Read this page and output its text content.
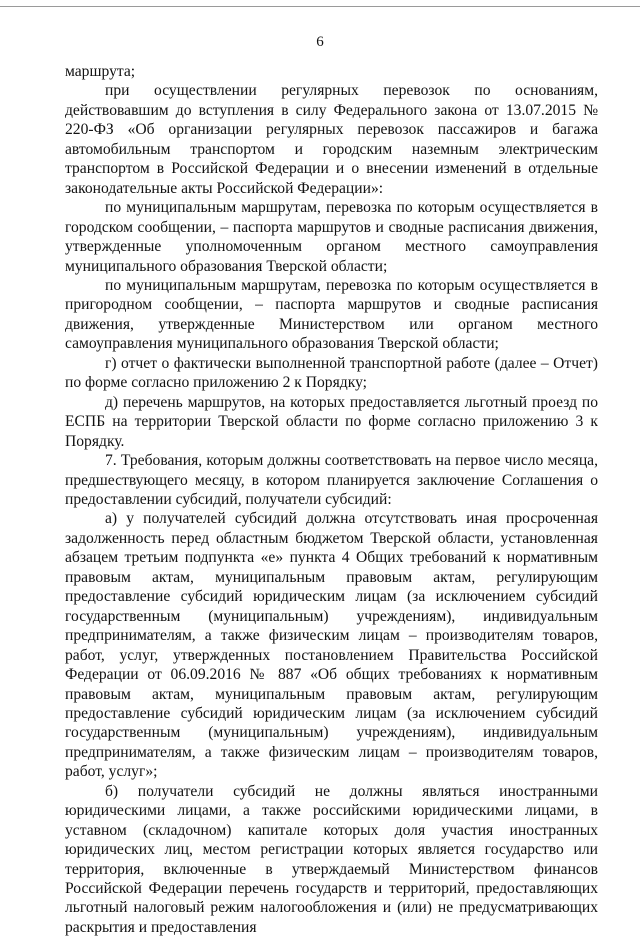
6

маршрута;

при осуществлении регулярных перевозок по основаниям, действовавшим до вступления в силу Федерального закона от 13.07.2015 № 220-ФЗ «Об организации регулярных перевозок пассажиров и багажа автомобильным транспортом и городским наземным электрическим транспортом в Российской Федерации и о внесении изменений в отдельные законодательные акты Российской Федерации»:

по муниципальным маршрутам, перевозка по которым осуществляется в городском сообщении, – паспорта маршрутов и сводные расписания движения, утвержденные уполномоченным органом местного самоуправления муниципального образования Тверской области;

по муниципальным маршрутам, перевозка по которым осуществляется в пригородном сообщении, – паспорта маршрутов и сводные расписания движения, утвержденные Министерством или органом местного самоуправления муниципального образования Тверской области;

г) отчет о фактически выполненной транспортной работе (далее – Отчет) по форме согласно приложению 2 к Порядку;

д) перечень маршрутов, на которых предоставляется льготный проезд по ЕСПБ на территории Тверской области по форме согласно приложению 3 к Порядку.

7. Требования, которым должны соответствовать на первое число месяца, предшествующего месяцу, в котором планируется заключение Соглашения о предоставлении субсидий, получатели субсидий:

а) у получателей субсидий должна отсутствовать иная просроченная задолженность перед областным бюджетом Тверской области, установленная абзацем третьим подпункта «е» пункта 4 Общих требований к нормативным правовым актам, муниципальным правовым актам, регулирующим предоставление субсидий юридическим лицам (за исключением субсидий государственным (муниципальным) учреждениям), индивидуальным предпринимателям, а также физическим лицам – производителям товаров, работ, услуг, утвержденных постановлением Правительства Российской Федерации от 06.09.2016 № 887 «Об общих требованиях к нормативным правовым актам, муниципальным правовым актам, регулирующим предоставление субсидий юридическим лицам (за исключением субсидий государственным (муниципальным) учреждениям), индивидуальным предпринимателям, а также физическим лицам – производителям товаров, работ, услуг»;

б) получатели субсидий не должны являться иностранными юридическими лицами, а также российскими юридическими лицами, в уставном (складочном) капитале которых доля участия иностранных юридических лиц, местом регистрации которых является государство или территория, включенные в утверждаемый Министерством финансов Российской Федерации перечень государств и территорий, предоставляющих льготный налоговый режим налогообложения и (или) не предусматривающих раскрытия и предоставления
